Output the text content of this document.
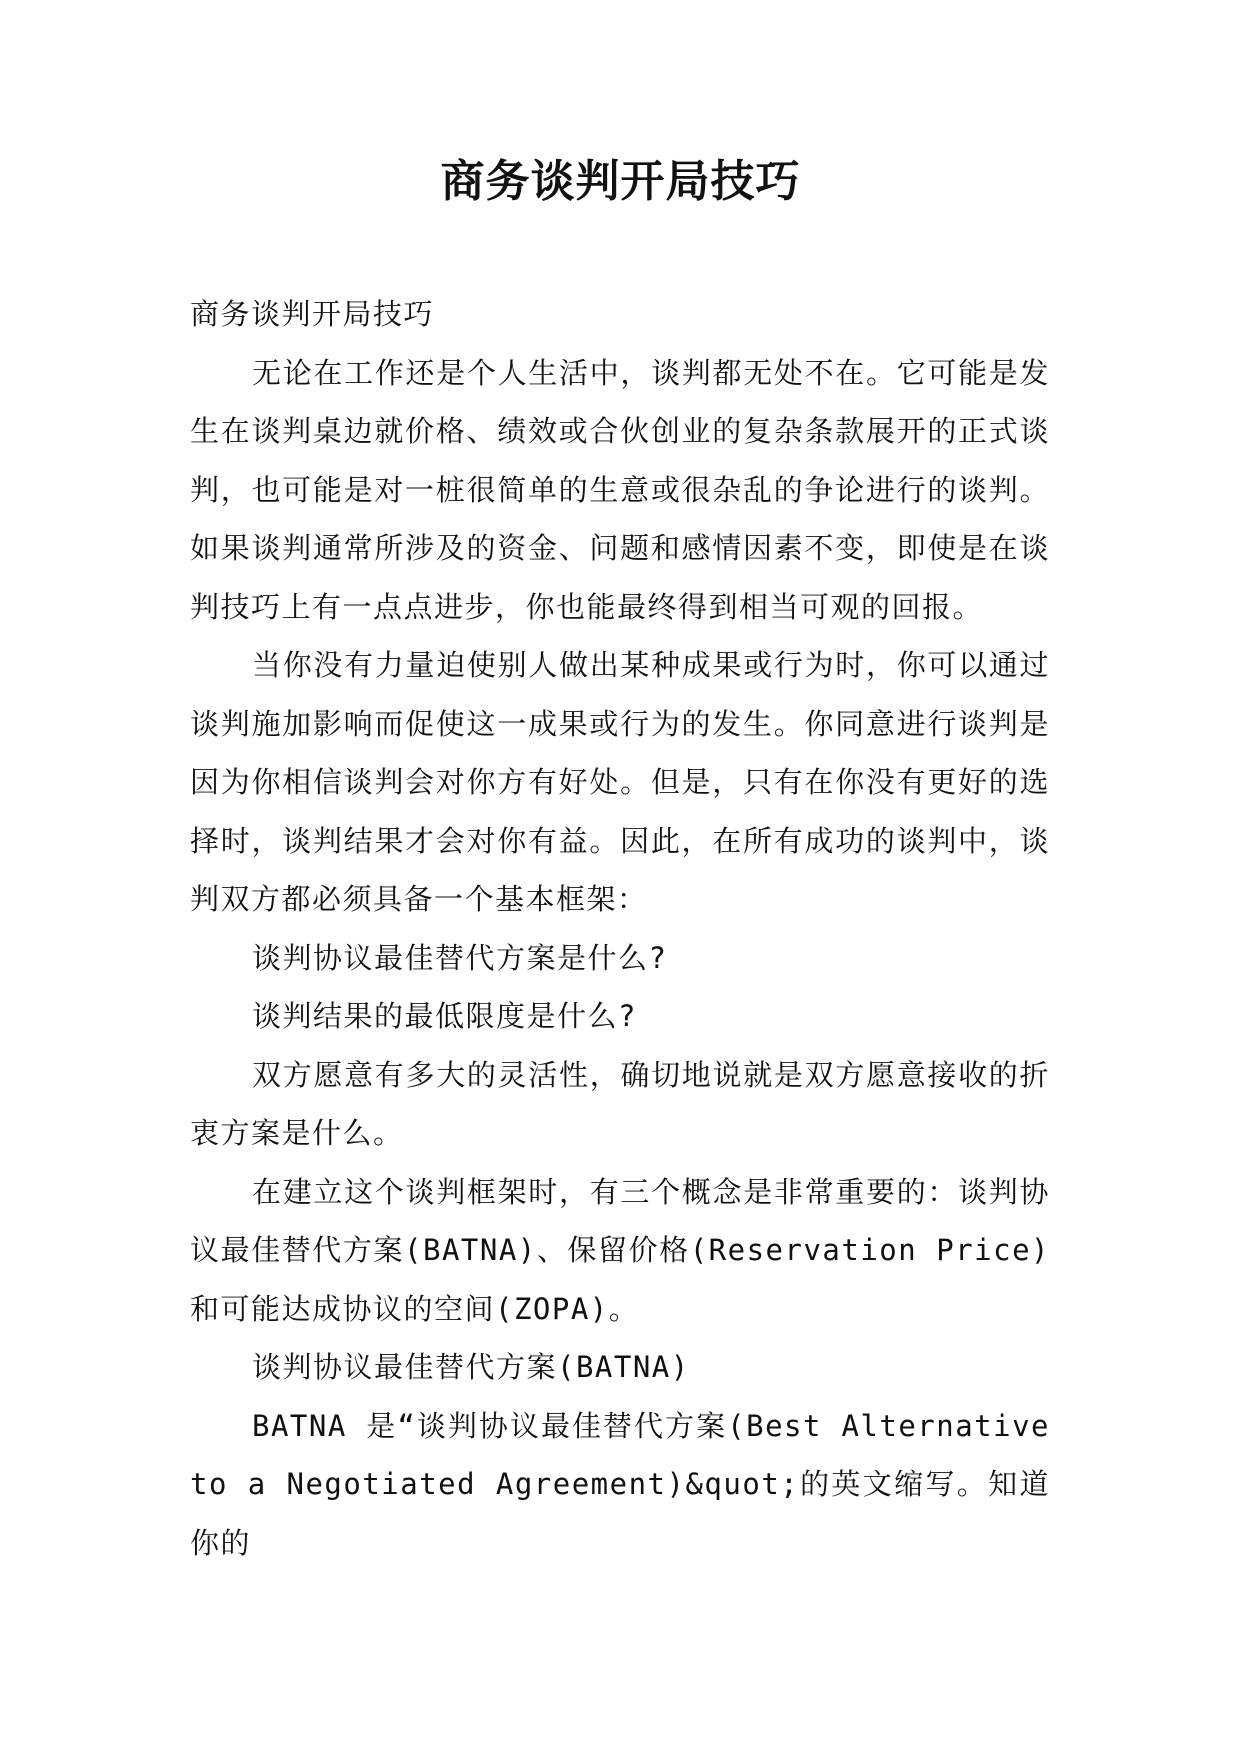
商务谈判开局技巧

商务谈判开局技巧

无论在工作还是个人生活中，谈判都无处不在。它可能是发生在谈判桌边就价格、绩效或合伙创业的复杂条款展开的正式谈判，也可能是对一桩很简单的生意或很杂乱的争论进行的谈判。如果谈判通常所涉及的资金、问题和感情因素不变，即使是在谈判技巧上有一点点进步，你也能最终得到相当可观的回报。

当你没有力量迫使别人做出某种成果或行为时，你可以通过谈判施加影响而促使这一成果或行为的发生。你同意进行谈判是因为你相信谈判会对你方有好处。但是，只有在你没有更好的选择时，谈判结果才会对你有益。因此，在所有成功的谈判中，谈判双方都必须具备一个基本框架：

谈判协议最佳替代方案是什么?

谈判结果的最低限度是什么?

双方愿意有多大的灵活性，确切地说就是双方愿意接收的折衷方案是什么。

在建立这个谈判框架时，有三个概念是非常重要的：谈判协议最佳替代方案(BATNA)、保留价格(Reservation Price)和可能达成协议的空间(ZOPA)。

谈判协议最佳替代方案(BATNA)

BATNA 是“谈判协议最佳替代方案(Best Alternative to a Negotiated Agreement)&quot;的英文缩写。知道你的
